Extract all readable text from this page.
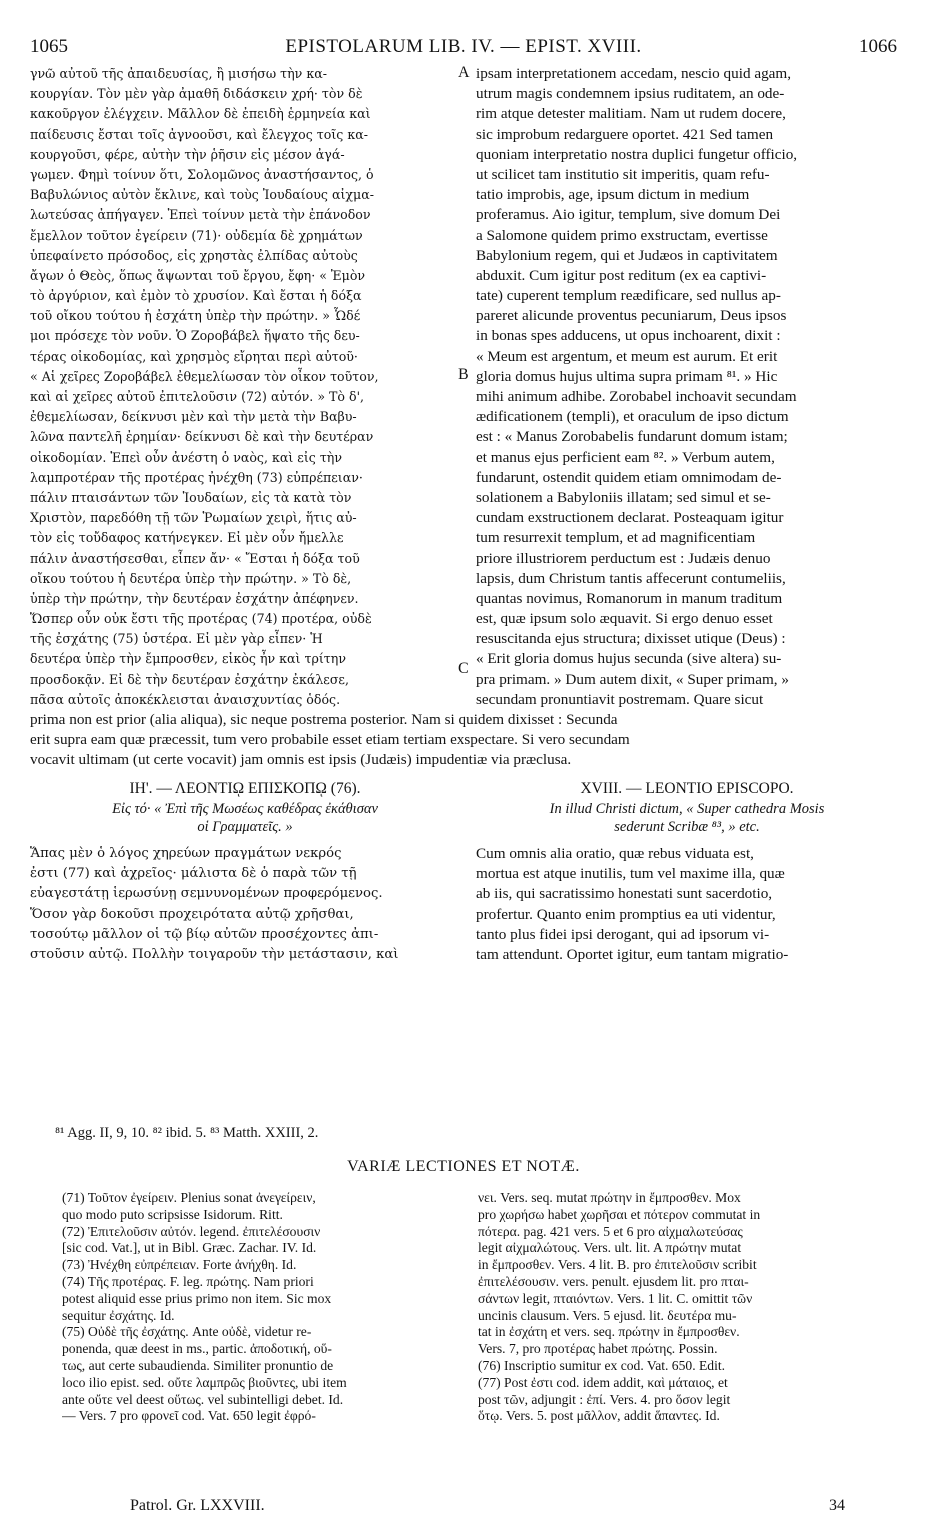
1065	EPISTOLARUM LIB. IV. — EPIST. XVIII.	1066
γνῶ αὐτοῦ τῆς ἀπαιδευσίας, ἢ μισήσω τὴν κα-
κουργίαν. Τὸν μὲν γὰρ ἀμαθῆ διδάσκειν χρή· τὸν δὲ
κακοῦργον ἐλέγχειν. Μᾶλλον δὲ ἐπειδὴ ἑρμηνεία καὶ
παίδευσις ἔσται τοῖς ἀγνοοῦσι, καὶ ἔλεγχος τοῖς κα-
κουργοῦσι, φέρε, αὐτὴν τὴν ῥῆσιν εἰς μέσον ἀγά-
γωμεν. Φημὶ τοίνυν ὅτι, Σολομῶνος ἀναστήσαντος, ὁ
Βαβυλώνιος αὐτὸν ἔκλινε, καὶ τοὺς Ἰουδαίους αἰχμα-
λωτεύσας ἀπήγαγεν. Ἐπεὶ τοίνυν μετὰ τὴν ἐπάνοδον
ἔμελλον τοῦτον ἐγείρειν (71)· οὐδεμία δὲ χρημάτων
ὑπεφαίνετο πρόσοδος, εἰς χρηστὰς ἐλπίδας αὐτοὺς
ἄγων ὁ Θεὸς, ὅπως ἅψωνται τοῦ ἔργου, ἔφη· « Ἐμὸν
τὸ ἀργύριον, καὶ ἐμὸν τὸ χρυσίον. Καὶ ἔσται ἡ δόξα
τοῦ οἴκου τούτου ἡ ἐσχάτη ὑπὲρ τὴν πρώτην. » Ὧδέ
μοι πρόσεχε τὸν νοῦν. Ὁ Ζοροβάβελ ἥψατο τῆς δευ-
τέρας οἰκοδομίας, καὶ χρησμὸς εἴρηται περὶ αὐτοῦ·
« Αἱ χεῖρες Ζοροβάβελ ἐθεμελίωσαν τὸν οἶκον τοῦτον,
καὶ αἱ χεῖρες αὐτοῦ ἐπιτελοῦσιν (72) αὐτόν. » Τὸ δ',
ἐθεμελίωσαν, δείκνυσι μὲν καὶ τὴν μετὰ τὴν Βαβυ-
λῶνα παντελῆ ἐρημίαν· δείκνυσι δὲ καὶ τὴν δευτέραν
οἰκοδομίαν. Ἐπεὶ οὖν ἀνέστη ὁ ναὸς, καὶ εἰς τὴν
λαμπροτέραν τῆς προτέρας ἠνέχθη (73) εὐπρέπειαν·
πάλιν πταισάντων τῶν Ἰουδαίων, εἰς τὰ κατὰ τὸν
Χριστὸν, παρεδόθη τῇ τῶν Ῥωμαίων χειρὶ, ἥτις αὐ-
τὸν εἰς τοὔδαφος κατήνεγκεν. Εἰ μὲν οὖν ἤμελλε
πάλιν ἀναστήσεσθαι, εἶπεν ἄν· « Ἔσται ἡ δόξα τοῦ
οἴκου τούτου ἡ δευτέρα ὑπὲρ τὴν πρώτην. » Τὸ δὲ,
ὑπὲρ τὴν πρώτην, τὴν δευτέραν ἐσχάτην ἀπέφηνεν.
Ὥσπερ οὖν οὐκ ἔστι τῆς προτέρας (74) προτέρα, οὐδὲ
τῆς ἐσχάτης (75) ὑστέρα. Εἰ μὲν γὰρ εἶπεν· Ἡ
δευτέρα ὑπὲρ τὴν ἔμπροσθεν, εἰκὸς ἦν καὶ τρίτην
προσδοκᾷν. Εἰ δὲ τὴν δευτέραν ἐσχάτην ἐκάλεσε,
πᾶσα αὐτοῖς ἀποκέκλεισται ἀναισχυντίας ὁδός.
ipsam interpretationem accedam, nescio quid agam,
utrum magis condemnem ipsius ruditatem, an ode-
rim atque detester malitiam. Nam ut rudem docere,
sic improbum redarguere oportet. 421 Sed tamen
quoniam interpretatio nostra duplici fungetur officio,
ut scilicet tam institutio sit imperitis, quam refu-
tatio improbis, age, ipsum dictum in medium
proferamus. Aio igitur, templum, sive domum Dei
a Salomone quidem primo exstructam, evertisse
Babylonium regem, qui et Judæos in captivitatem
abduxit. Cum igitur post reditum (ex ea captivi-
tate) cuperent templum reædificare, sed nullus ap-
pareret alicunde proventus pecuniarum, Deus ipsos
in bonas spes adducens, ut opus inchoarent, dixit :
« Meum est argentum, et meum est aurum. Et erit
gloria domus hujus ultima supra primam ⁸¹. » Hic
mihi animum adhibe. Zorobabel inchoavit secundam
ædificationem (templi), et oraculum de ipso dictum
est : « Manus Zorobabelis fundarunt domum istam;
et manus ejus perficient eam ⁸². » Verbum autem,
fundarunt, ostendit quidem etiam omnimodam de-
solationem a Babyloniis illatam; sed simul et se-
cundam exstructionem declarat. Posteaquam igitur
tum resurrexit templum, et ad magnificentiam
priore illustriorem perductum est : Judæis denuo
lapsis, dum Christum tantis affecerunt contumeliis,
quantas novimus, Romanorum in manum traditum
est, quæ ipsum solo æquavit. Si ergo denuo esset
resuscitanda ejus structura; dixisset utique (Deus) :
« Erit gloria domus hujus secunda (sive altera) su-
pra primam. » Dum autem dixit, « Super primam, »
secundam pronuntiavit postremam. Quare sicut
A
B
C
prima non est prior (alia aliqua), sic neque postrema posterior. Nam si quidem dixisset : Secunda
erit supra eam quæ præcessit, tum vero probabile esset etiam tertiam exspectare. Si vero secundam
vocavit ultimam (ut certe vocavit) jam omnis est ipsis (Judæis) impudentiæ via præclusa.
ΙΗ'. — ΛΕΟΝΤΙῼ ΕΠΙΣΚΟΠῼ (76).
Εἰς τό· « Ἐπὶ τῆς Μωσέως καθέδρας ἐκάθισαν
οἱ Γραμματεῖς. »
Ἅπας μὲν ὁ λόγος χηρεύων πραγμάτων νεκρός
ἐστι (77) καὶ ἀχρεῖος· μάλιστα δὲ ὁ παρὰ τῶν τῇ
εὐαγεστάτῃ ἱερωσύνῃ σεμνυνομένων προφερόμενος.
Ὅσον γὰρ δοκοῦσι προχειρότατα αὐτῷ χρῆσθαι,
τοσούτῳ μᾶλλον οἱ τῷ βίῳ αὐτῶν προσέχοντες ἀπι-
στοῦσιν αὐτῷ. Πολλὴν τοιγαροῦν τὴν μετάστασιν, καὶ
XVIII. — LEONTIO EPISCOPO.
In illud Christi dictum, « Super cathedra Mosis
sederunt Scribæ ⁸³, » etc.
Cum omnis alia oratio, quæ rebus viduata est,
mortua est atque inutilis, tum vel maxime illa, quæ
ab iis, qui sacratissimo honestati sunt sacerdotio,
profertur. Quanto enim promptius ea uti videntur,
tanto plus fidei ipsi derogant, qui ad ipsorum vi-
tam attendunt. Oportet igitur, eum tantam migratio-
⁸¹ Agg. II, 9, 10. ⁸² ibid. 5. ⁸³ Matth. XXIII, 2.
VARIÆ LECTIONES ET NOTÆ.
(71) Τοῦτον ἐγείρειν. Plenius sonat ἀνεγείρειν,
quo modo puto scripsisse Isidorum. Ritt.
(72) Ἐπιτελοῦσιν αὐτόν. legend. ἐπιτελέσουσιν
[sic cod. Vat.], ut in Bibl. Græc. Zachar. IV. Id.
(73) Ἠνέχθη εὐπρέπειαν. Forte ἀνήχθη. Id.
(74) Τῆς προτέρας. F. leg. πρώτης. Nam priori
potest aliquid esse prius primo non item. Sic mox
sequitur ἐσχάτης. Id.
(75) Οὐδὲ τῆς ἐσχάτης. Ante οὐδὲ, videtur re-
ponenda, quæ deest in ms., partic. ἀποδοτική, οὕ-
τως, aut certe subaudienda. Similiter pronuntio de
loco ilio epist. sed. οὔτε λαμπρῶς βιοῦντες, ubi item
ante οὔτε vel deest οὕτως. vel subintelligi debet. Id.
— Vers. 7 pro φρονεῖ cod. Vat. 650 legit ἐφρό-
νει. Vers. seq. mutat πρώτην in ἔμπροσθεν. Mox
pro χωρήσω habet χωρῆσαι et πότερον commutat in
πότερα. pag. 421 vers. 5 et 6 pro αἰχμαλωτεύσας
legit αἰχμαλώτους. Vers. ult. lit. A πρώτην mutat
in ἔμπροσθεν. Vers. 4 lit. B. pro ἐπιτελοῦσιν scribit
ἐπιτελέσουσιν. vers. penult. ejusdem lit. pro πται-
σάντων legit, πταιόντων. Vers. 1 lit. C. omittit τῶν
uncinis clausum. Vers. 5 ejusd. lit. δευτέρα mu-
tat in ἐσχάτη et vers. seq. πρώτην in ἔμπροσθεν.
Vers. 7, pro προτέρας habet πρώτης. Possin.
(76) Inscriptio sumitur ex cod. Vat. 650. Edit.
(77) Post ἐστι cod. idem addit, καὶ μάταιος, et
post τῶν, adjungit : ἐπί. Vers. 4. pro ὅσον legit
ὅτῳ. Vers. 5. post μᾶλλον, addit ἅπαντες. Id.
Patrol. Gr. LXXVIII.	34
